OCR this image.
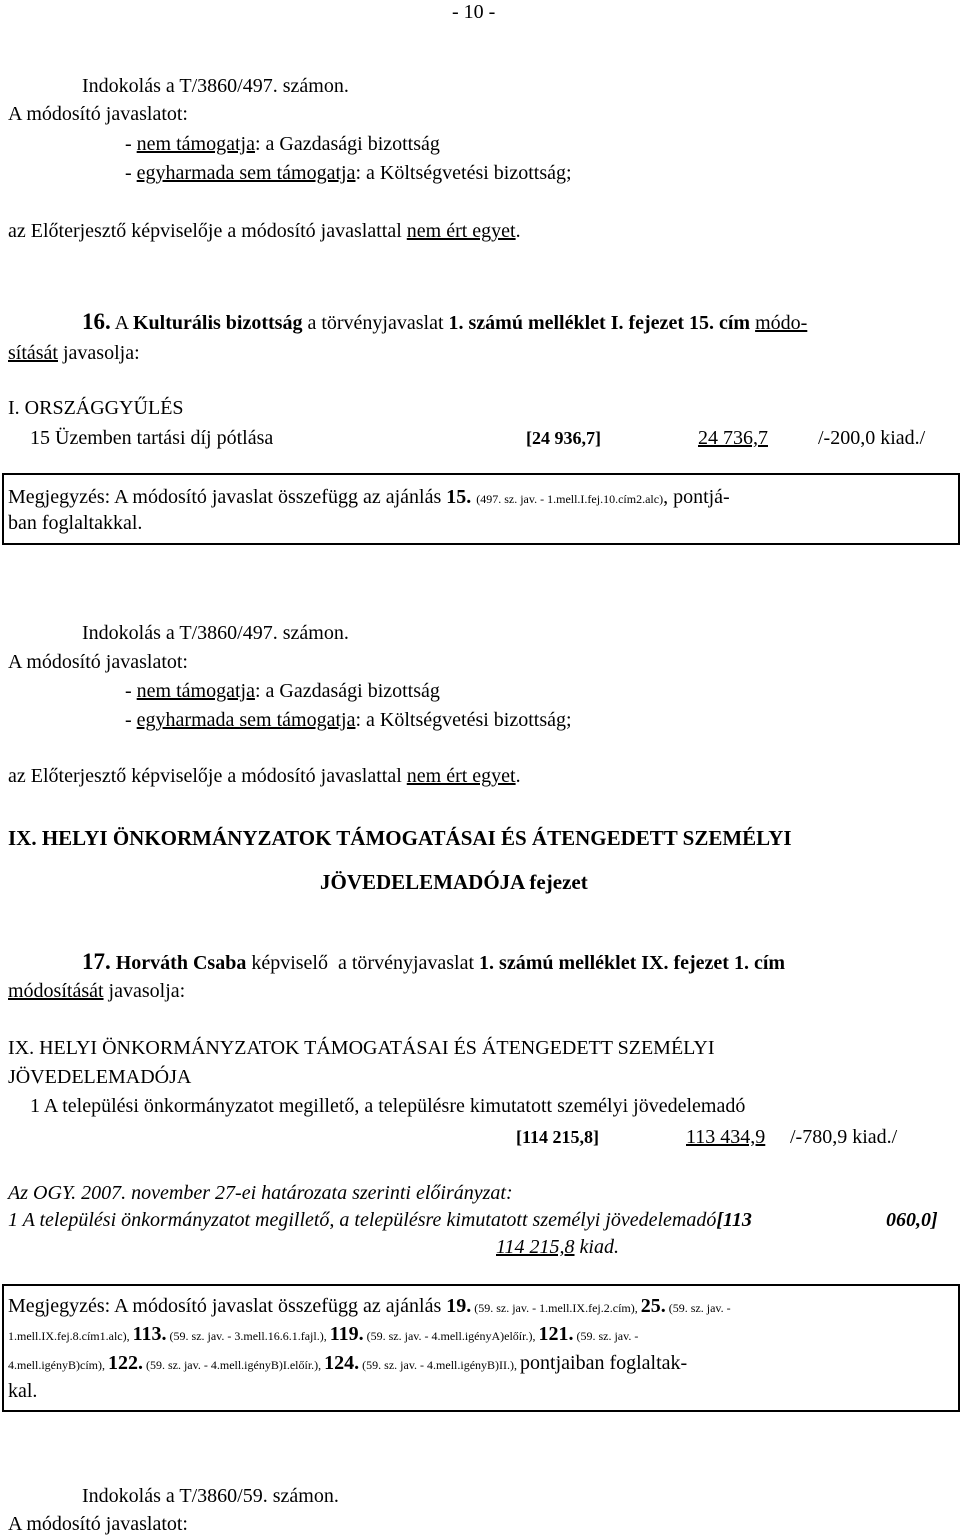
- 10 -
Indokolás a T/3860/497. számon.
A módosító javaslatot:
- nem támogatja: a Gazdasági bizottság
- egyharmada sem támogatja: a Költségvetési bizottság;
az Előterjesztő képviselője a módosító javaslattal nem ért egyet.
16. A Kulturális bizottság a törvényjavaslat 1. számú melléklet I. fejezet 15. cím módo-
sítását javasolja:
I. ORSZÁGGYŰLÉS
15 Üzemben tartási díj pótlása	[24 936,7]	24 736,7	/-200,0 kiad./
Megjegyzés: A módosító javaslat összefügg az ajánlás 15. (497. sz. jav. - 1.mell.I.fej.10.cím2.alc), pontjá-
ban foglaltakkal.
Indokolás a T/3860/497. számon.
A módosító javaslatot:
- nem támogatja: a Gazdasági bizottság
- egyharmada sem támogatja: a Költségvetési bizottság;
az Előterjesztő képviselője a módosító javaslattal nem ért egyet.
IX. HELYI ÖNKORMÁNYZATOK TÁMOGATÁSAI ÉS ÁTENGEDETT SZEMÉLYI
JÖVEDELEMADÓJA fejezet
17. Horváth Csaba képviselő a törvényjavaslat 1. számú melléklet IX. fejezet 1. cím
módosítását javasolja:
IX. HELYI ÖNKORMÁNYZATOK TÁMOGATÁSAI ÉS ÁTENGEDETT SZEMÉLYI
JÖVEDELEMADÓJA
1 A települési önkormányzatot megillető, a településre kimutatott személyi jövedelemadó
[114 215,8]	113 434,9 /-780,9 kiad./
Az OGY. 2007. november 27-ei határozata szerinti előirányzat:
1 A települési önkormányzatot megillető, a településre kimutatott személyi jövedelemadó[113	060,0]
114 215,8 kiad.
Megjegyzés: A módosító javaslat összefügg az ajánlás 19. (59. sz. jav. - 1.mell.IX.fej.2.cím), 25. (59. sz. jav. -
1.mell.IX.fej.8.cím1.alc), 113. (59. sz. jav. - 3.mell.16.6.1.fajl.), 119. (59. sz. jav. - 4.mell.igényA)előír.), 121. (59. sz. jav. -
4.mell.igényB)cím), 122. (59. sz. jav. - 4.mell.igényB)I.előír.), 124. (59. sz. jav. - 4.mell.igényB)II.), pontjaiban foglaltak-
kal.
Indokolás a T/3860/59. számon.
A módosító javaslatot:
